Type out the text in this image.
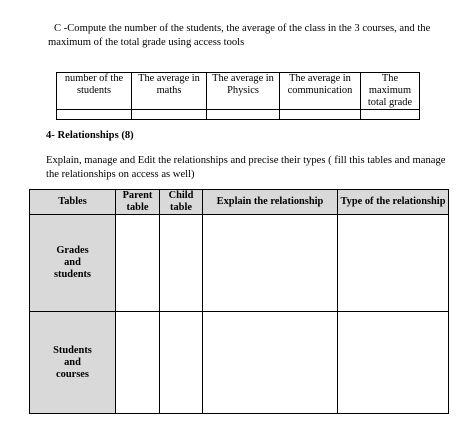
C -Compute the number of the students, the average of the class in the 3 courses, and the maximum of the total grade using access tools

number of the students	The average in maths	The average in Physics	The average in communication	The maximum total grade

4- Relationships (8)

Explain, manage and Edit the relationships and precise their types ( fill this tables and manage the relationships on access as well)

Tables	Parent table	Child table	Explain the relationship	Type of the relationship

Grades and students				

Students and courses				
